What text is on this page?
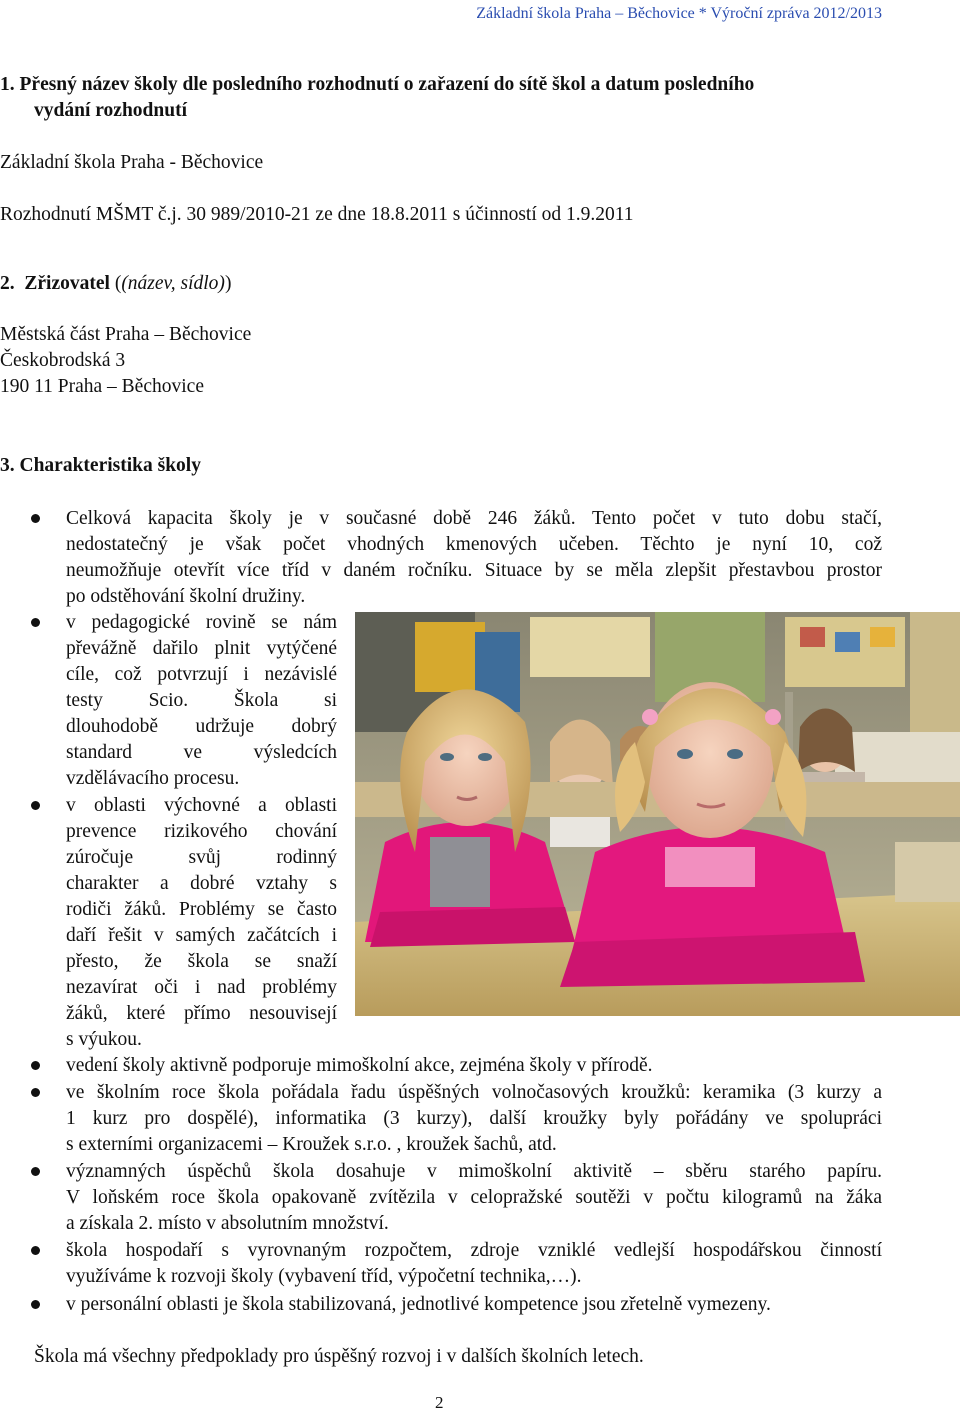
Základní škola Praha – Běchovice * Výroční zpráva 2012/2013
1. Přesný název školy dle posledního rozhodnutí o zařazení do sítě škol a datum posledního
vydání rozhodnutí
Základní škola Praha - Běchovice
Rozhodnutí MŠMT č.j. 30 989/2010-21 ze dne 18.8.2011 s účinností od 1.9.2011
2. Zřizovatel ((název, sídlo))
Městská část Praha – Běchovice
Českobrodská 3
190 11 Praha – Běchovice
3. Charakteristika školy
Celková kapacita školy je v současné době 246 žáků. Tento počet v tuto dobu stačí,
nedostatečný je však počet vhodných kmenových učeben. Těchto je nyní 10, což
neumožňuje otevřít více tříd v daném ročníku. Situace by se měla zlepšit přestavbou prostor
po odstěhování školní družiny.
v pedagogické rovině se nám
převážně dařilo plnit vytýčené
cíle, což potvrzují i nezávislé
testy Scio. Škola si
dlouhodobě udržuje dobrý
standard ve výsledcích
vzdělávacího procesu.
v oblasti výchovné a oblasti
prevence rizikového chování
zúročuje svůj rodinný
charakter a dobré vztahy s
rodiči žáků. Problémy se často
daří řešit v samých začátcích i
přesto, že škola se snaží
nezavírat oči i nad problémy
žáků, které přímo nesouvisejí
s výukou.
vedení školy aktivně podporuje mimoškolní akce, zejména školy v přírodě.
ve školním roce škola pořádala řadu úspěšných volnočasových kroužků: keramika (3 kurzy a
1 kurz pro dospělé), informatika (3 kurzy), další kroužky byly pořádány ve spolupráci
s externími organizacemi – Kroužek s.r.o. , kroužek šachů, atd.
významných úspěchů škola dosahuje v mimoškolní aktivitě – sběru starého papíru.
V loňském roce škola opakovaně zvítězila v celopražské soutěži v počtu kilogramů na žáka
a získala 2. místo v absolutním množství.
škola hospodaří s vyrovnaným rozpočtem, zdroje vzniklé vedlejší hospodářskou činností
využíváme k rozvoji školy (vybavení tříd, výpočetní technika,…).
v personální oblasti je škola stabilizovaná, jednotlivé kompetence jsou zřetelně vymezeny.
Škola má všechny předpoklady pro úspěšný rozvoj i v dalších školních letech.
2
